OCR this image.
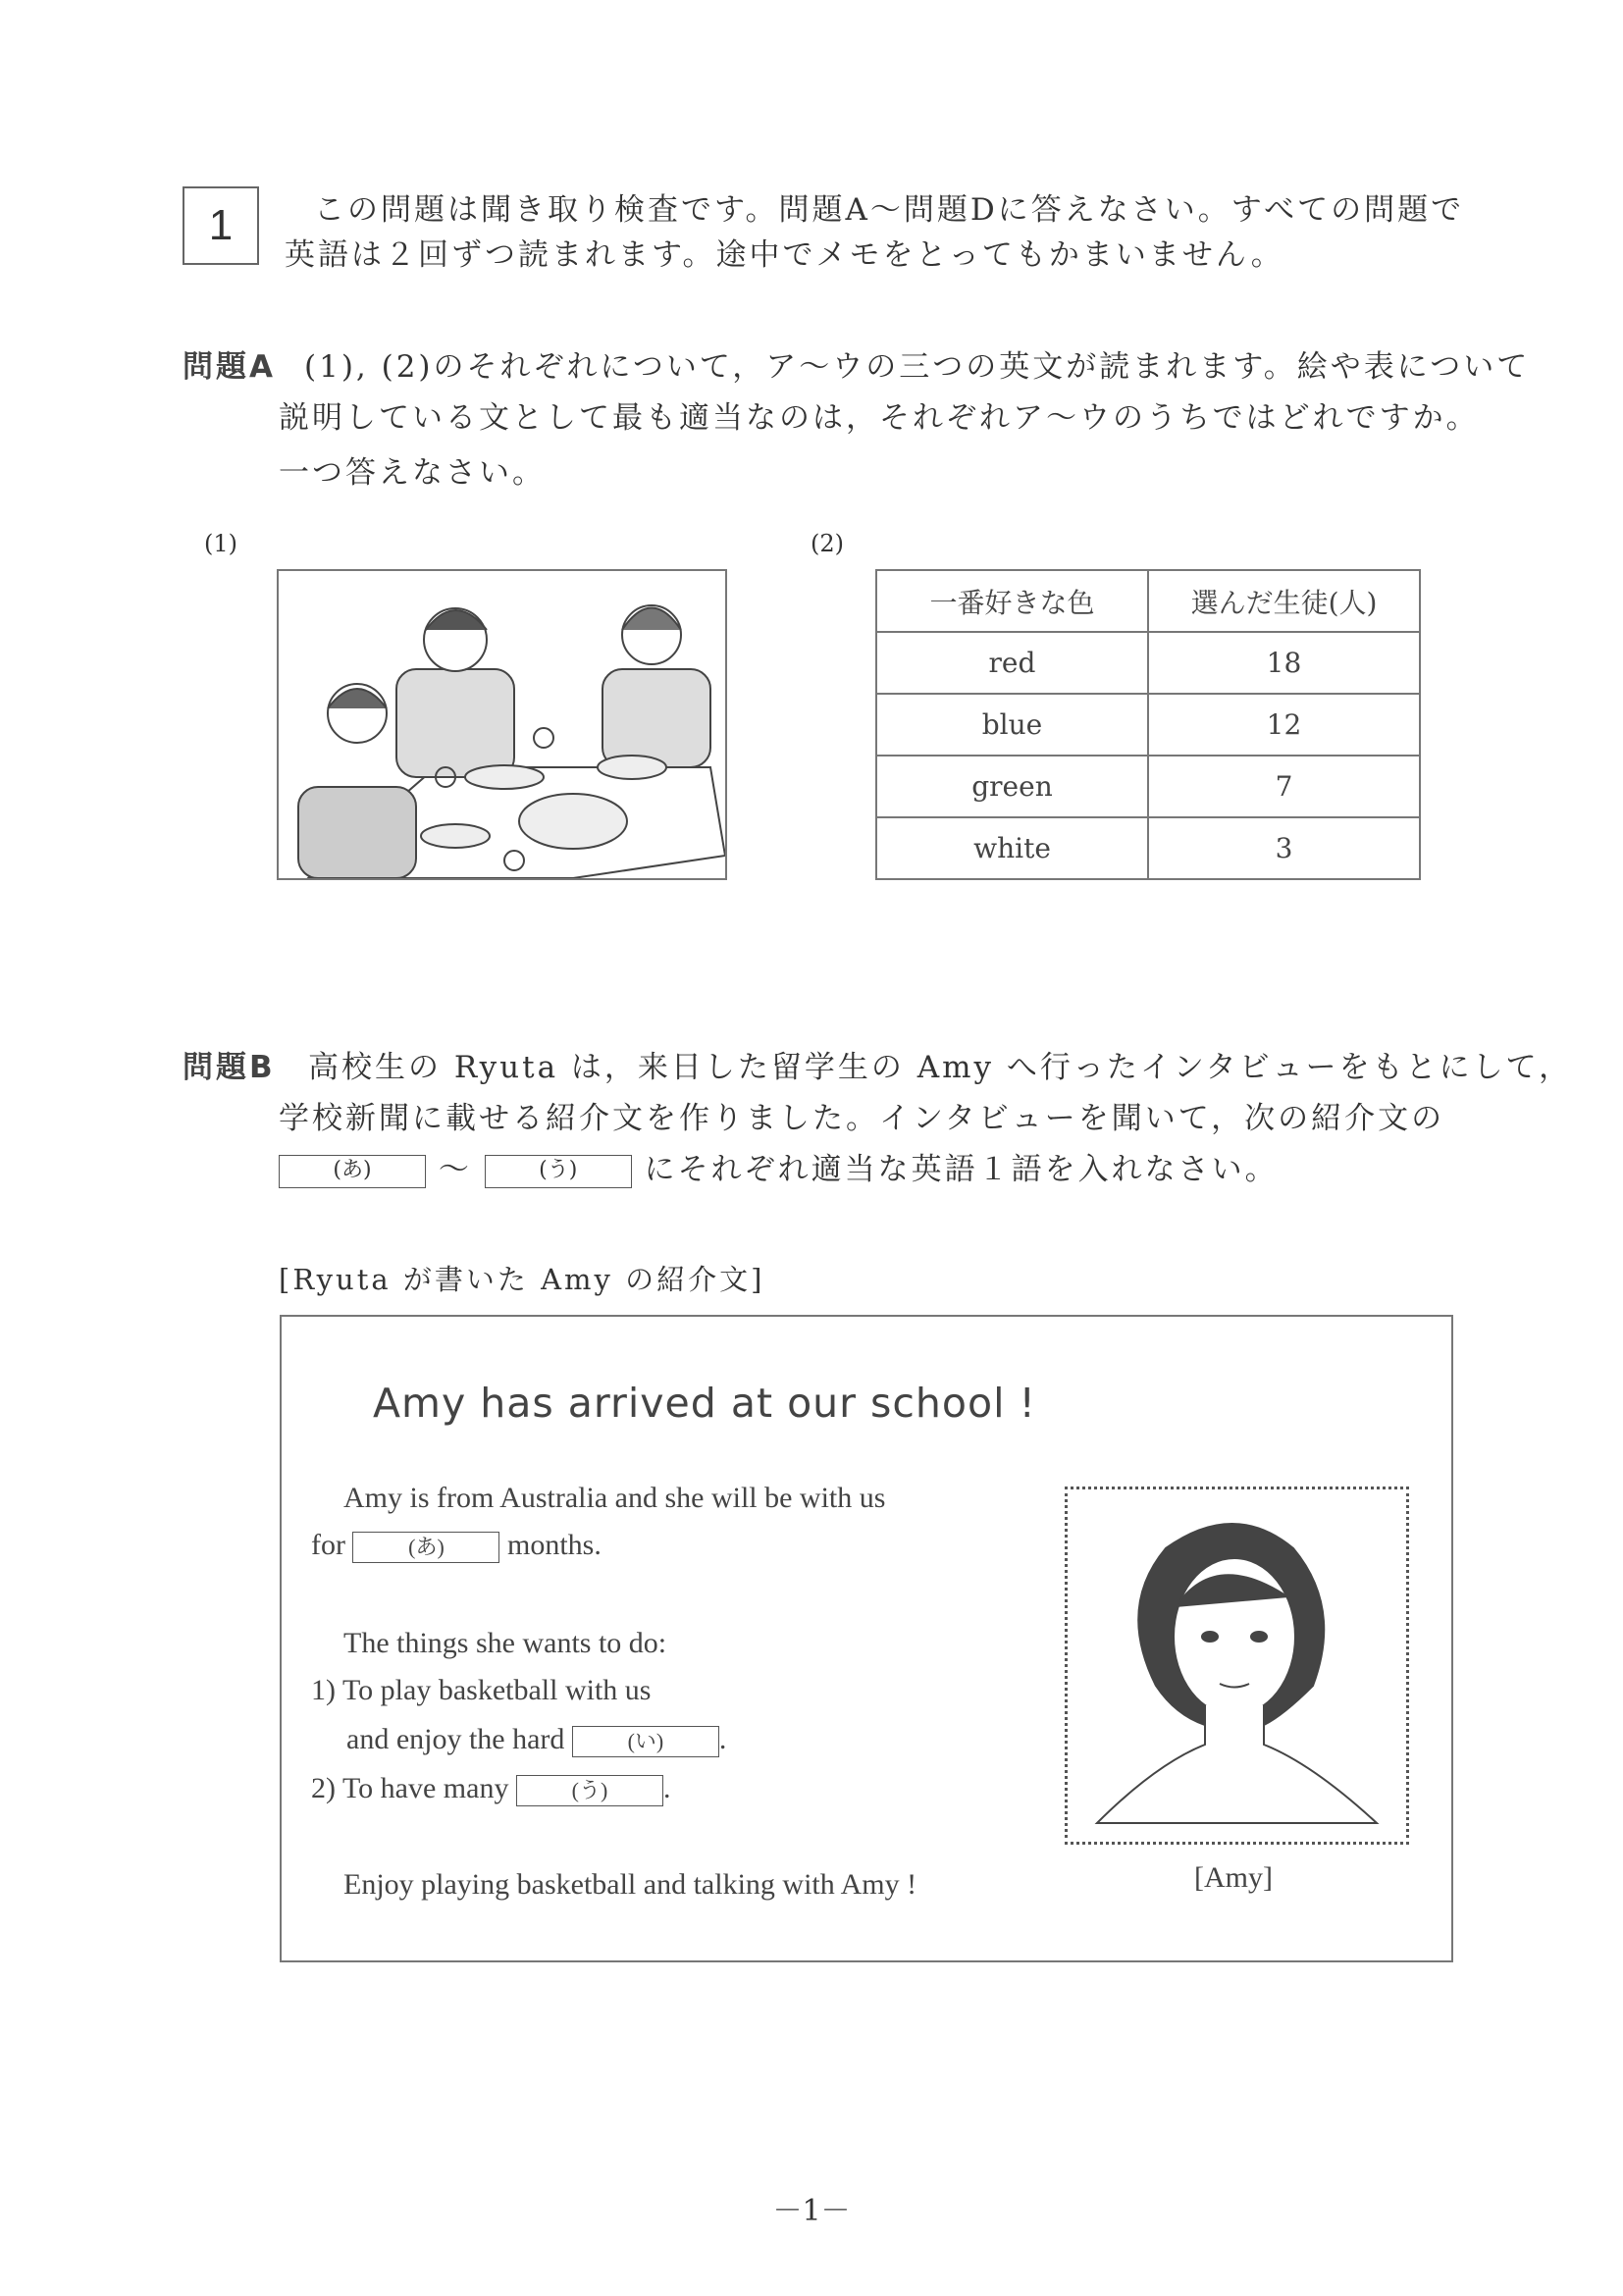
1	この問題は聞き取り検査です。問題A～問題Dに答えなさい。すべての問題で
英語は２回ずつ読まれます。途中でメモをとってもかまいません。
問題A (1), (2)のそれぞれについて，ア～ウの三つの英文が読まれます。絵や表について
説明している文として最も適当なのは，それぞれア～ウのうちではどれですか。
一つ答えなさい。
(1)	(2)
一番好きな色	選んだ生徒(人)
red	18
blue	12
green	7
white	3
問題B 高校生の Ryuta は，来日した留学生の Amy へ行ったインタビューをもとにして，
学校新聞に載せる紹介文を作りました。インタビューを聞いて，次の紹介文の
(あ) ～	(う) にそれぞれ適当な英語１語を入れなさい。
[Ryuta が書いた Amy の紹介文]
Amy has arrived at our school !
Amy is from Australia and she will be with us
for	(あ) months.
The things she wants to do:
1) To play basketball with us
and enjoy the hard	(い) .
2) To have many	(う) .
Enjoy playing basketball and talking with Amy !	[Amy]
－1－
